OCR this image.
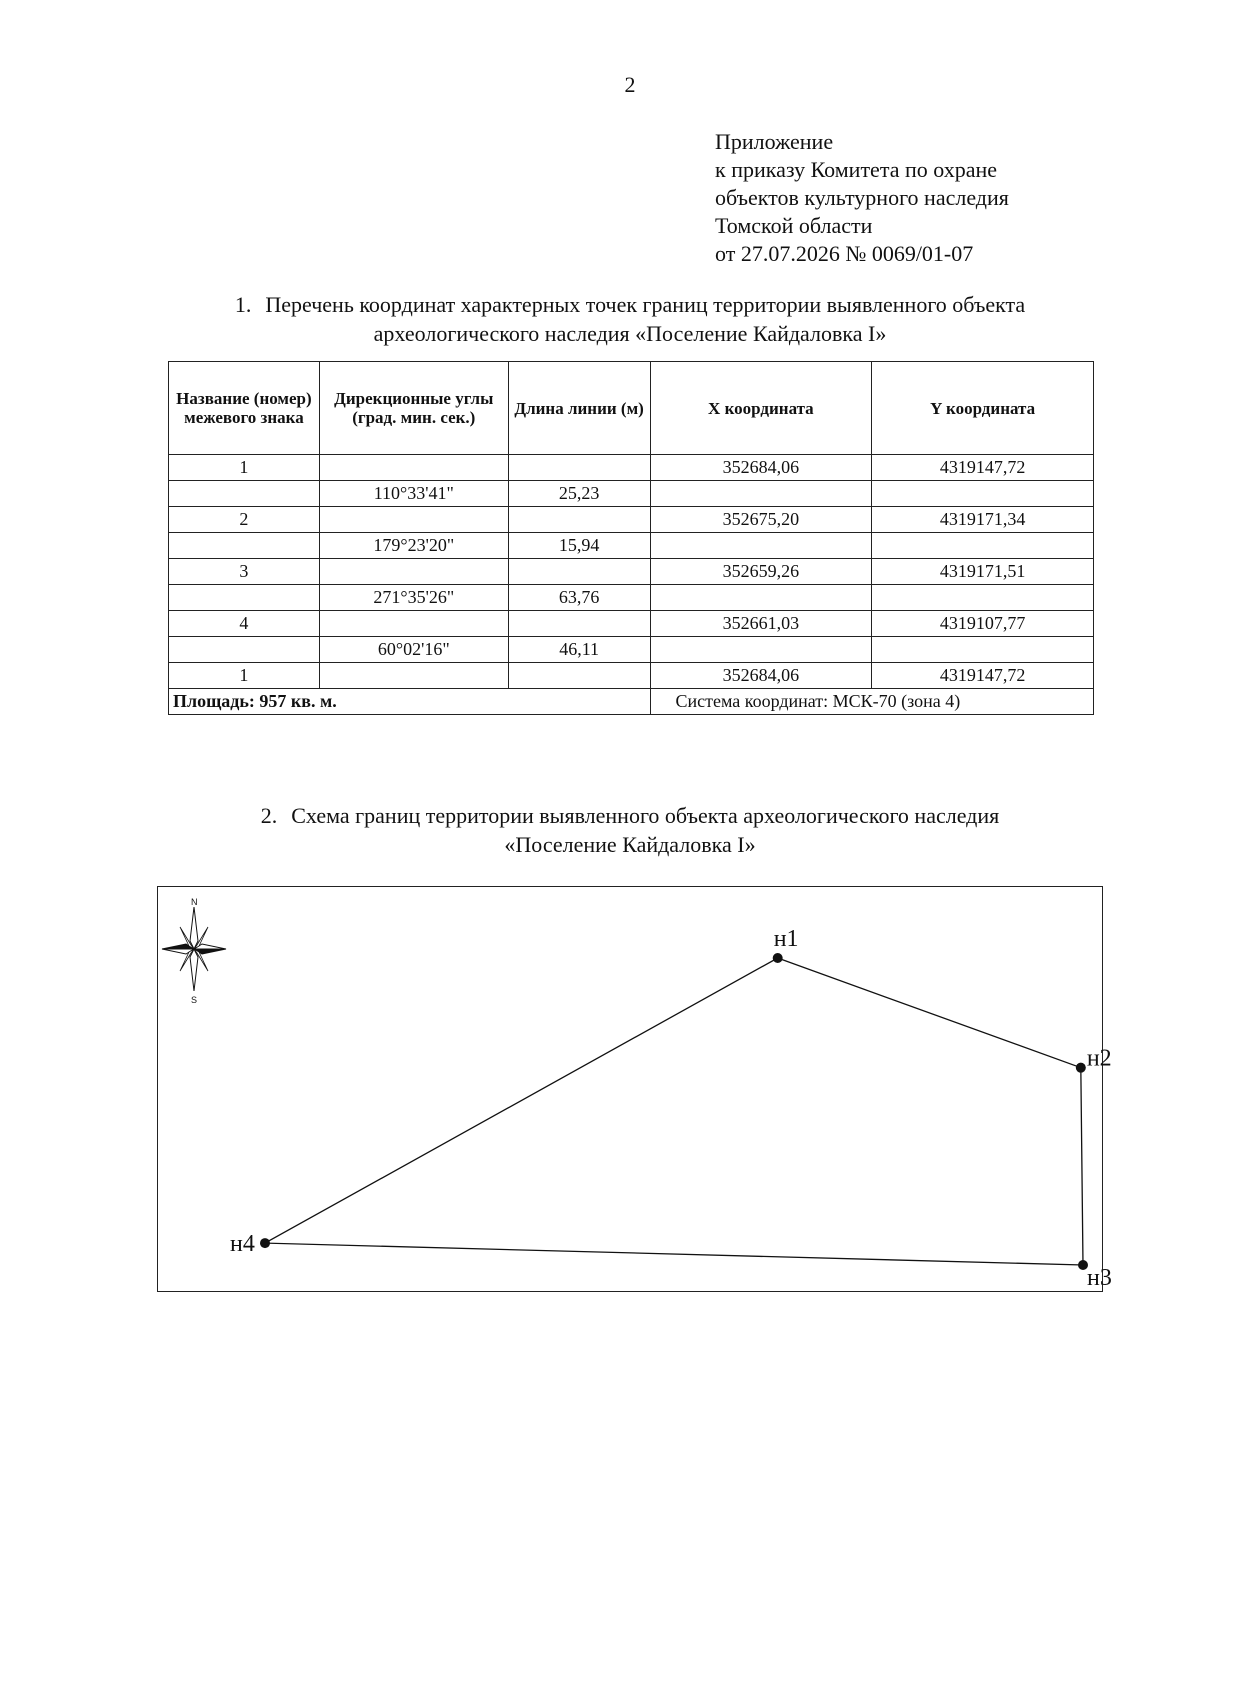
2
Приложение
к приказу Комитета по охране
объектов культурного наследия
Томской области
от 27.07.2026 № 0069/01-07
1. Перечень координат характерных точек границ территории выявленного объекта
археологического наследия «Поселение Кайдаловка I»
Название (номер) межевого знака	Дирекционные углы (град. мин. сек.)	Длина линии (м)	X координата	Y координата
1			352684,06	4319147,72
	110°33'41"	25,23		
2			352675,20	4319171,34
	179°23'20"	15,94		
3			352659,26	4319171,51
	271°35'26"	63,76		
4			352661,03	4319107,77
	60°02'16"	46,11		
1			352684,06	4319147,72
Площадь: 957 кв. м.			Система координат: МСК-70 (зона 4)	
2. Схема границ территории выявленного объекта археологического наследия
«Поселение Кайдаловка I»
N
S
н1
н2
н3
н4
